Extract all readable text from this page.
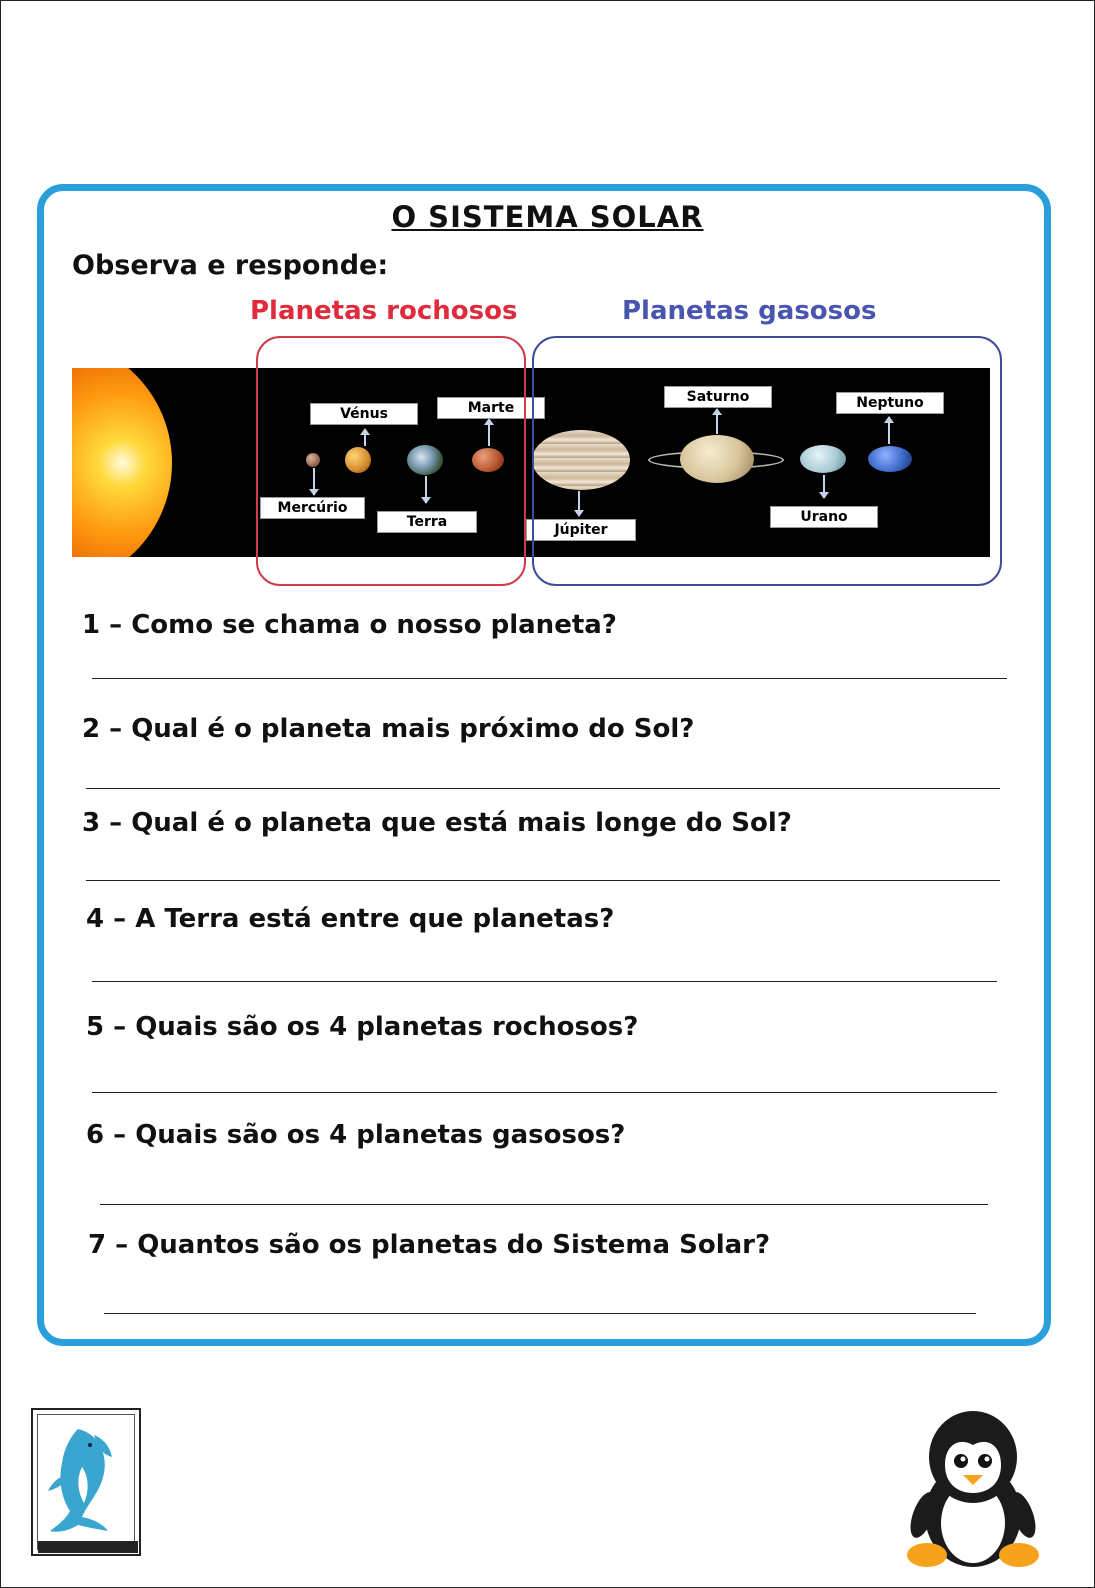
O SISTEMA SOLAR
Observa e responde:
Planetas rochosos	Planetas gasosos
Vénus	Marte
Mercúrio
Terra	Júpiter
Saturno
Urano
Neptuno
1 – Como se chama o nosso planeta?
2 – Qual é o planeta mais próximo do Sol?
3 – Qual é o planeta que está mais longe do Sol?
4 – A Terra está entre que planetas?
5 – Quais são os 4 planetas rochosos?
6 – Quais são os 4 planetas gasosos?
7 – Quantos são os planetas do Sistema Solar?
